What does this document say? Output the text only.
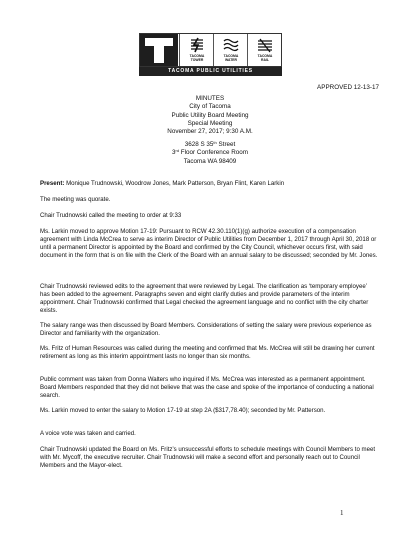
TACOMA
TOWER
TACOMA
WATER
TACOMA
RAIL
TACOMA PUBLIC UTILITIES
APPROVED 12-13-17
MINUTES
City of Tacoma
Public Utility Board Meeting
Special Meeting
November 27, 2017; 9:30 A.M.
3628 S 35th Street
3rd Floor Conference Room
Tacoma WA 98409

Present: Monique Trudnowski, Woodrow Jones, Mark Patterson, Bryan Flint, Karen Larkin

The meeting was quorate.

Chair Trudnowski called the meeting to order at 9:33

Ms. Larkin moved to approve Motion 17-19: Pursuant to RCW 42.30.110(1)(g) authorize execution of a compensation agreement with Linda McCrea to serve as interim Director of Public Utilities from December 1, 2017 through April 30, 2018 or until a permanent Director is appointed by the Board and confirmed by the City Council, whichever occurs first, with said document in the form that is on file with the Clerk of the Board with an annual salary to be discussed; seconded by Mr. Jones.

Chair Trudnowski reviewed edits to the agreement that were reviewed by Legal. The clarification as ‘temporary employee’ has been added to the agreement. Paragraphs seven and eight clarify duties and provide parameters of the interim appointment. Chair Trudnowski confirmed that Legal checked the agreement language and no conflict with the city charter exists.

The salary range was then discussed by Board Members. Considerations of setting the salary were previous experience as Director and familiarity with the organization.

Ms. Fritz of Human Resources was called during the meeting and confirmed that Ms. McCrea will still be drawing her current retirement as long as this interim appointment lasts no longer than six months.

Public comment was taken from Donna Walters who inquired if Ms. McCrea was interested as a permanent appointment. Board Members responded that they did not believe that was the case and spoke of the importance of conducting a national search.

Ms. Larkin moved to enter the salary to Motion 17-19 at step 2A ($317,78.40); seconded by Mr. Patterson.

A voice vote was taken and carried.

Chair Trudnowski updated the Board on Ms. Fritz’s unsuccessful efforts to schedule meetings with Council Members to meet with Mr. Mycoff, the executive recruiter. Chair Trudnowski will make a second effort and personally reach out to Council Members and the Mayor-elect.

1
